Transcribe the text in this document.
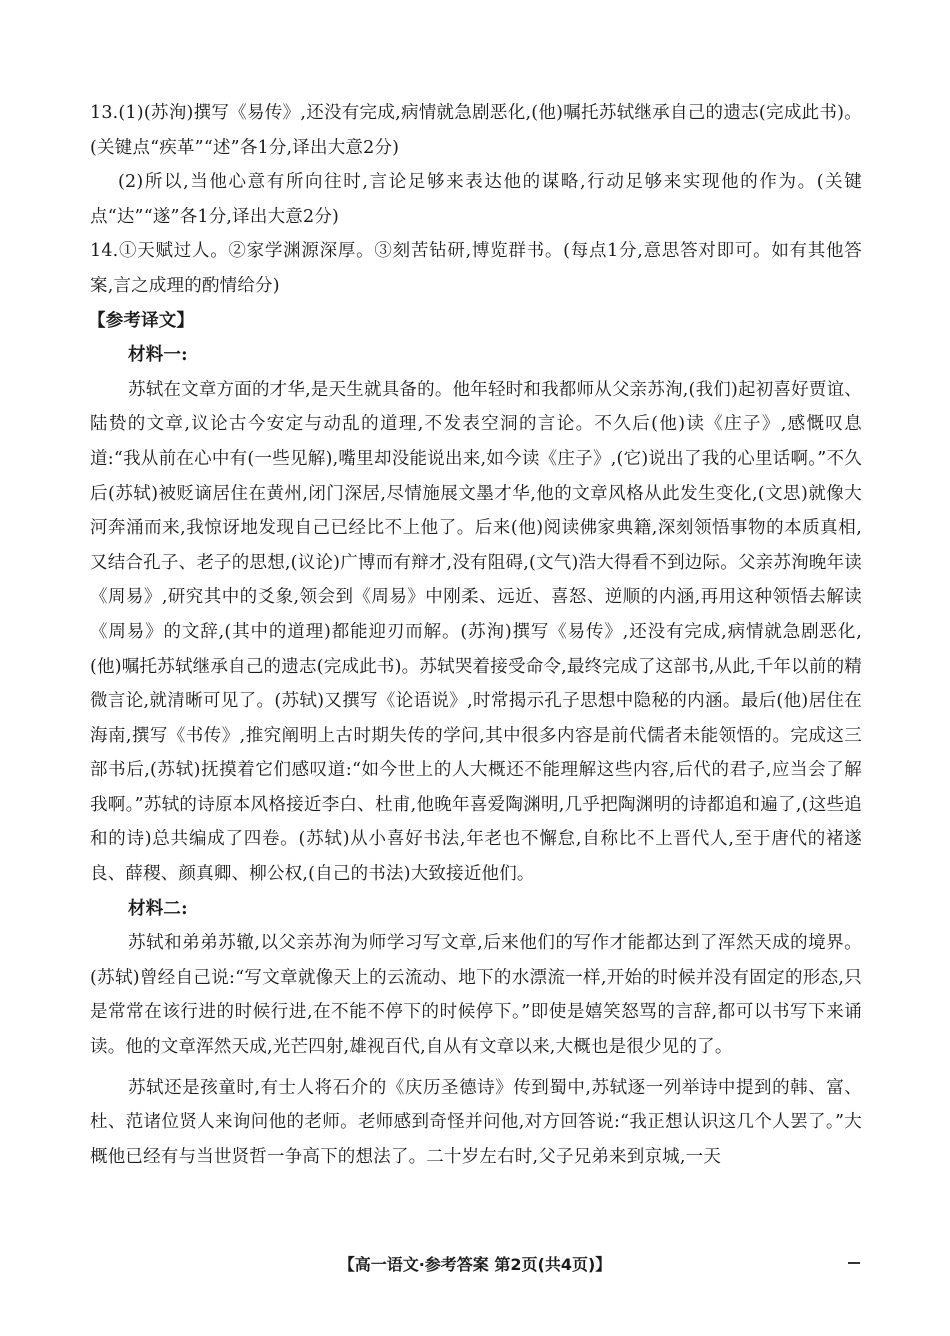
13.(1)(苏洵)撰写《易传》,还没有完成,病情就急剧恶化,(他)嘱托苏轼继承自己的遗志(完成此书)。(关键点“疾革”“述”各1分,译出大意2分)

(2)所以,当他心意有所向往时,言论足够来表达他的谋略,行动足够来实现他的作为。(关键点“达”“遂”各1分,译出大意2分)

14.①天赋过人。②家学渊源深厚。③刻苦钻研,博览群书。(每点1分,意思答对即可。如有其他答案,言之成理的酌情给分)

【参考译文】

材料一:

苏轼在文章方面的才华,是天生就具备的。他年轻时和我都师从父亲苏洵,(我们)起初喜好贾谊、陆贽的文章,议论古今安定与动乱的道理,不发表空洞的言论。不久后(他)读《庄子》,感慨叹息道:“我从前在心中有(一些见解),嘴里却没能说出来,如今读《庄子》,(它)说出了我的心里话啊。”不久后(苏轼)被贬谪居住在黄州,闭门深居,尽情施展文墨才华,他的文章风格从此发生变化,(文思)就像大河奔涌而来,我惊讶地发现自己已经比不上他了。后来(他)阅读佛家典籍,深刻领悟事物的本质真相,又结合孔子、老子的思想,(议论)广博而有辩才,没有阻碍,(文气)浩大得看不到边际。父亲苏洵晚年读《周易》,研究其中的爻象,领会到《周易》中刚柔、远近、喜怒、逆顺的内涵,再用这种领悟去解读《周易》的文辞,(其中的道理)都能迎刃而解。(苏洵)撰写《易传》,还没有完成,病情就急剧恶化,(他)嘱托苏轼继承自己的遗志(完成此书)。苏轼哭着接受命令,最终完成了这部书,从此,千年以前的精微言论,就清晰可见了。(苏轼)又撰写《论语说》,时常揭示孔子思想中隐秘的内涵。最后(他)居住在海南,撰写《书传》,推究阐明上古时期失传的学问,其中很多内容是前代儒者未能领悟的。完成这三部书后,(苏轼)抚摸着它们感叹道:“如今世上的人大概还不能理解这些内容,后代的君子,应当会了解我啊。”苏轼的诗原本风格接近李白、杜甫,他晚年喜爱陶渊明,几乎把陶渊明的诗都追和遍了,(这些追和的诗)总共编成了四卷。(苏轼)从小喜好书法,年老也不懈怠,自称比不上晋代人,至于唐代的褚遂良、薛稷、颜真卿、柳公权,(自己的书法)大致接近他们。

材料二:

苏轼和弟弟苏辙,以父亲苏洵为师学习写文章,后来他们的写作才能都达到了浑然天成的境界。(苏轼)曾经自己说:“写文章就像天上的云流动、地下的水漂流一样,开始的时候并没有固定的形态,只是常常在该行进的时候行进,在不能不停下的时候停下。”即使是嬉笑怒骂的言辞,都可以书写下来诵读。他的文章浑然天成,光芒四射,雄视百代,自从有文章以来,大概也是很少见的了。

苏轼还是孩童时,有士人将石介的《庆历圣德诗》传到蜀中,苏轼逐一列举诗中提到的韩、富、杜、范诸位贤人来询问他的老师。老师感到奇怪并问他,对方回答说:“我正想认识这几个人罢了。”大概他已经有与当世贤哲一争高下的想法了。二十岁左右时,父子兄弟来到京城,一天

【高一语文·参考答案 第2页(共4页)】
